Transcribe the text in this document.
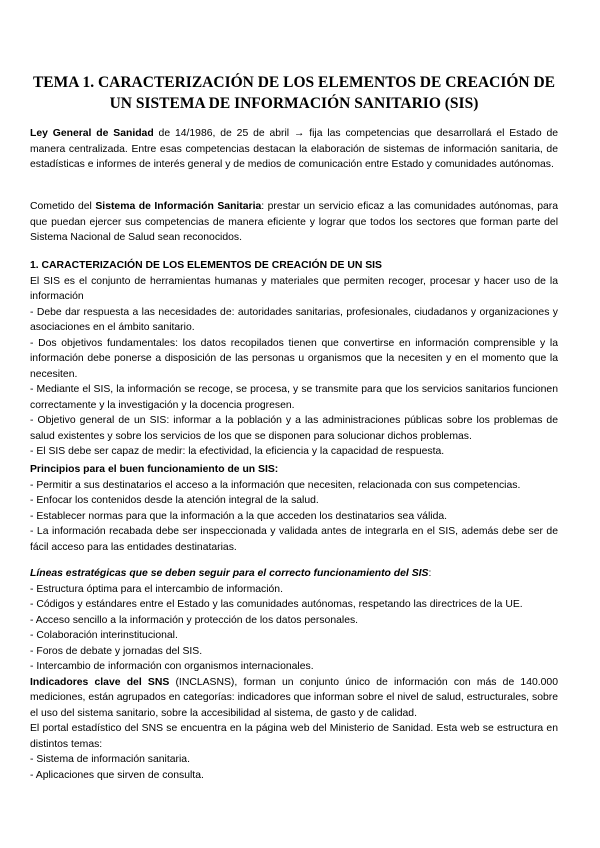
TEMA 1. CARACTERIZACIÓN DE LOS ELEMENTOS DE CREACIÓN DE UN SISTEMA DE INFORMACIÓN SANITARIO (SIS)

Ley General de Sanidad de 14/1986, de 25 de abril → fija las competencias que desarrollará el Estado de manera centralizada. Entre esas competencias destacan la elaboración de sistemas de información sanitaria, de estadísticas e informes de interés general y de medios de comunicación entre Estado y comunidades autónomas.

Cometido del Sistema de Información Sanitaria: prestar un servicio eficaz a las comunidades autónomas, para que puedan ejercer sus competencias de manera eficiente y lograr que todos los sectores que forman parte del Sistema Nacional de Salud sean reconocidos.

1. CARACTERIZACIÓN DE LOS ELEMENTOS DE CREACIÓN DE UN SIS

El SIS es el conjunto de herramientas humanas y materiales que permiten recoger, procesar y hacer uso de la información

- Debe dar respuesta a las necesidades de: autoridades sanitarias, profesionales, ciudadanos y organizaciones y asociaciones en el ámbito sanitario.

- Dos objetivos fundamentales: los datos recopilados tienen que convertirse en información comprensible y la información debe ponerse a disposición de las personas u organismos que la necesiten y en el momento que la necesiten.

- Mediante el SIS, la información se recoge, se procesa, y se transmite para que los servicios sanitarios funcionen correctamente y la investigación y la docencia progresen.

- Objetivo general de un SIS: informar a la población y a las administraciones públicas sobre los problemas de salud existentes y sobre los servicios de los que se disponen para solucionar dichos problemas.

- El SIS debe ser capaz de medir: la efectividad, la eficiencia y la capacidad de respuesta.

Principios para el buen funcionamiento de un SIS:

- Permitir a sus destinatarios el acceso a la información que necesiten, relacionada con sus competencias.

- Enfocar los contenidos desde la atención integral de la salud.

- Establecer normas para que la información a la que acceden los destinatarios sea válida.

- La información recabada debe ser inspeccionada y validada antes de integrarla en el SIS, además debe ser de fácil acceso para las entidades destinatarias.

Líneas estratégicas que se deben seguir para el correcto funcionamiento del SIS:

- Estructura óptima para el intercambio de información.

- Códigos y estándares entre el Estado y las comunidades autónomas, respetando las directrices de la UE.

- Acceso sencillo a la información y protección de los datos personales.

- Colaboración interinstitucional.

- Foros de debate y jornadas del SIS.

- Intercambio de información con organismos internacionales.

Indicadores clave del SNS (INCLASNS), forman un conjunto único de información con más de 140.000 mediciones, están agrupados en categorías: indicadores que informan sobre el nivel de salud, estructurales, sobre el uso del sistema sanitario, sobre la accesibilidad al sistema, de gasto y de calidad.

El portal estadístico del SNS se encuentra en la página web del Ministerio de Sanidad. Esta web se estructura en distintos temas:

- Sistema de información sanitaria.

- Aplicaciones que sirven de consulta.
